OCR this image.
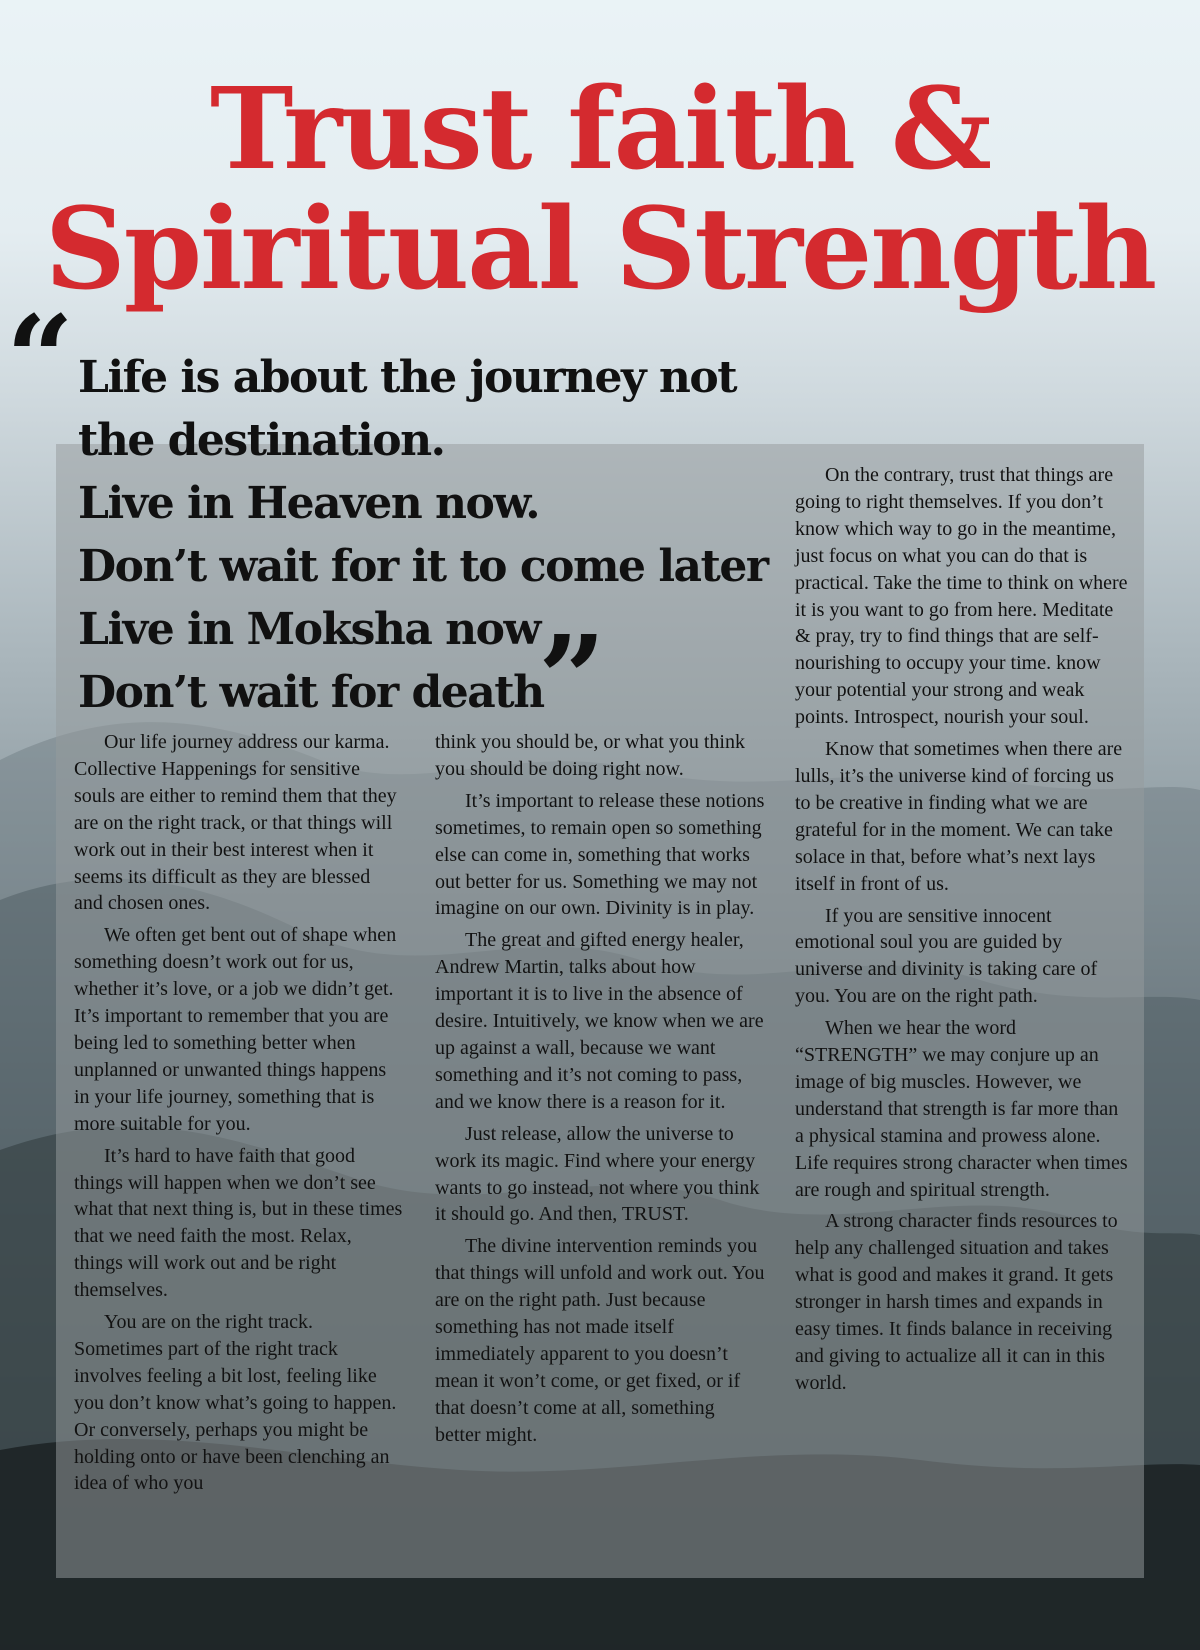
Trust faith &
Spiritual Strength
“ Life is about the journey not
the destination.
Live in Heaven now.
Don’t wait for it to come later
Live in Moksha now
Don’t wait for death
”

Our life journey address our karma. Collective Happenings for sensitive souls are either to remind them that they are on the right track, or that things will work out in their best interest when it seems its difficult as they are blessed and chosen ones.

We often get bent out of shape when something doesn’t work out for us, whether it’s love, or a job we didn’t get. It’s important to remember that you are being led to something better when unplanned or unwanted things happens in your life journey, something that is more suitable for you.

It’s hard to have faith that good things will happen when we don’t see what that next thing is, but in these times that we need faith the most. Relax, things will work out and be right themselves.

You are on the right track. Sometimes part of the right track involves feeling a bit lost, feeling like you don’t know what’s going to happen. Or conversely, perhaps you might be holding onto or have been clenching an idea of who you

think you should be, or what you think you should be doing right now.

It’s important to release these notions sometimes, to remain open so something else can come in, something that works out better for us. Something we may not imagine on our own. Divinity is in play.

The great and gifted energy healer, Andrew Martin, talks about how important it is to live in the absence of desire. Intuitively, we know when we are up against a wall, because we want something and it’s not coming to pass, and we know there is a reason for it.

Just release, allow the universe to work its magic. Find where your energy wants to go instead, not where you think it should go. And then, TRUST.

The divine intervention reminds you that things will unfold and work out. You are on the right path. Just because something has not made itself immediately apparent to you doesn’t mean it won’t come, or get fixed, or if that doesn’t come at all, something better might.

On the contrary, trust that things are going to right themselves. If you don’t know which way to go in the meantime, just focus on what you can do that is practical. Take the time to think on where it is you want to go from here. Meditate & pray, try to find things that are self-nourishing to occupy your time. know your potential your strong and weak points. Introspect, nourish your soul.

Know that sometimes when there are lulls, it’s the universe kind of forcing us to be creative in finding what we are grateful for in the moment. We can take solace in that, before what’s next lays itself in front of us.

If you are sensitive innocent emotional soul you are guided by universe and divinity is taking care of you. You are on the right path.

When we hear the word “STRENGTH” we may conjure up an image of big muscles. However, we understand that strength is far more than a physical stamina and prowess alone. Life requires strong character when times are rough and spiritual strength.

A strong character finds resources to help any challenged situation and takes what is good and makes it grand. It gets stronger in harsh times and expands in easy times. It finds balance in receiving and giving to actualize all it can in this world.
